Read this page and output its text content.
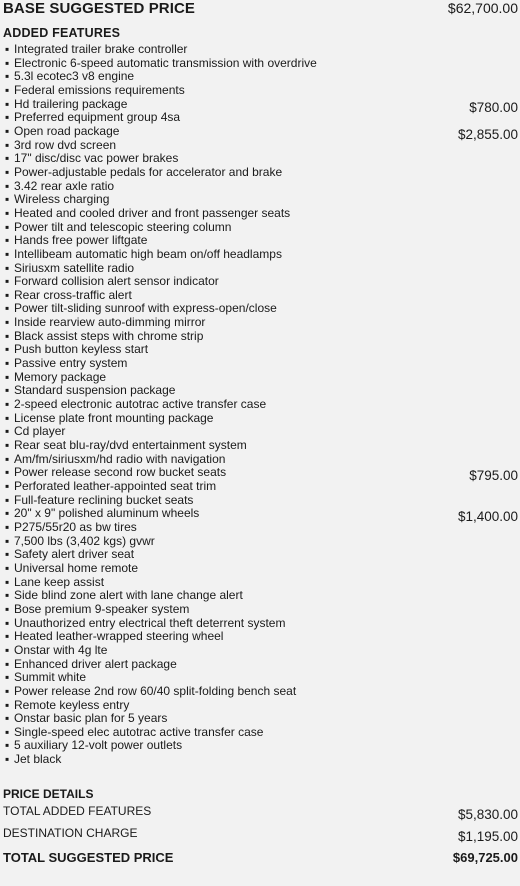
BASE SUGGESTED PRICE	$62,700.00
ADDED FEATURES
▪ Integrated trailer brake controller
▪ Electronic 6-speed automatic transmission with overdrive
▪ 5.3l ecotec3 v8 engine
▪ Federal emissions requirements
▪ Hd trailering package	$780.00
▪ Preferred equipment group 4sa
▪ Open road package	$2,855.00
▪ 3rd row dvd screen
▪ 17" disc/disc vac power brakes
▪ Power-adjustable pedals for accelerator and brake
▪ 3.42 rear axle ratio
▪ Wireless charging
▪ Heated and cooled driver and front passenger seats
▪ Power tilt and telescopic steering column
▪ Hands free power liftgate
▪ Intellibeam automatic high beam on/off headlamps
▪ Siriusxm satellite radio
▪ Forward collision alert sensor indicator
▪ Rear cross-traffic alert
▪ Power tilt-sliding sunroof with express-open/close
▪ Inside rearview auto-dimming mirror
▪ Black assist steps with chrome strip
▪ Push button keyless start
▪ Passive entry system
▪ Memory package
▪ Standard suspension package
▪ 2-speed electronic autotrac active transfer case
▪ License plate front mounting package
▪ Cd player
▪ Rear seat blu-ray/dvd entertainment system
▪ Am/fm/siriusxm/hd radio with navigation
▪ Power release second row bucket seats	$795.00
▪ Perforated leather-appointed seat trim
▪ Full-feature reclining bucket seats
▪ 20" x 9" polished aluminum wheels	$1,400.00
▪ P275/55r20 as bw tires
▪ 7,500 lbs (3,402 kgs) gvwr
▪ Safety alert driver seat
▪ Universal home remote
▪ Lane keep assist
▪ Side blind zone alert with lane change alert
▪ Bose premium 9-speaker system
▪ Unauthorized entry electrical theft deterrent system
▪ Heated leather-wrapped steering wheel
▪ Onstar with 4g lte
▪ Enhanced driver alert package
▪ Summit white
▪ Power release 2nd row 60/40 split-folding bench seat
▪ Remote keyless entry
▪ Onstar basic plan for 5 years
▪ Single-speed elec autotrac active transfer case
▪ 5 auxiliary 12-volt power outlets
▪ Jet black
PRICE DETAILS
TOTAL ADDED FEATURES	$5,830.00
DESTINATION CHARGE	$1,195.00
TOTAL SUGGESTED PRICE	$69,725.00
